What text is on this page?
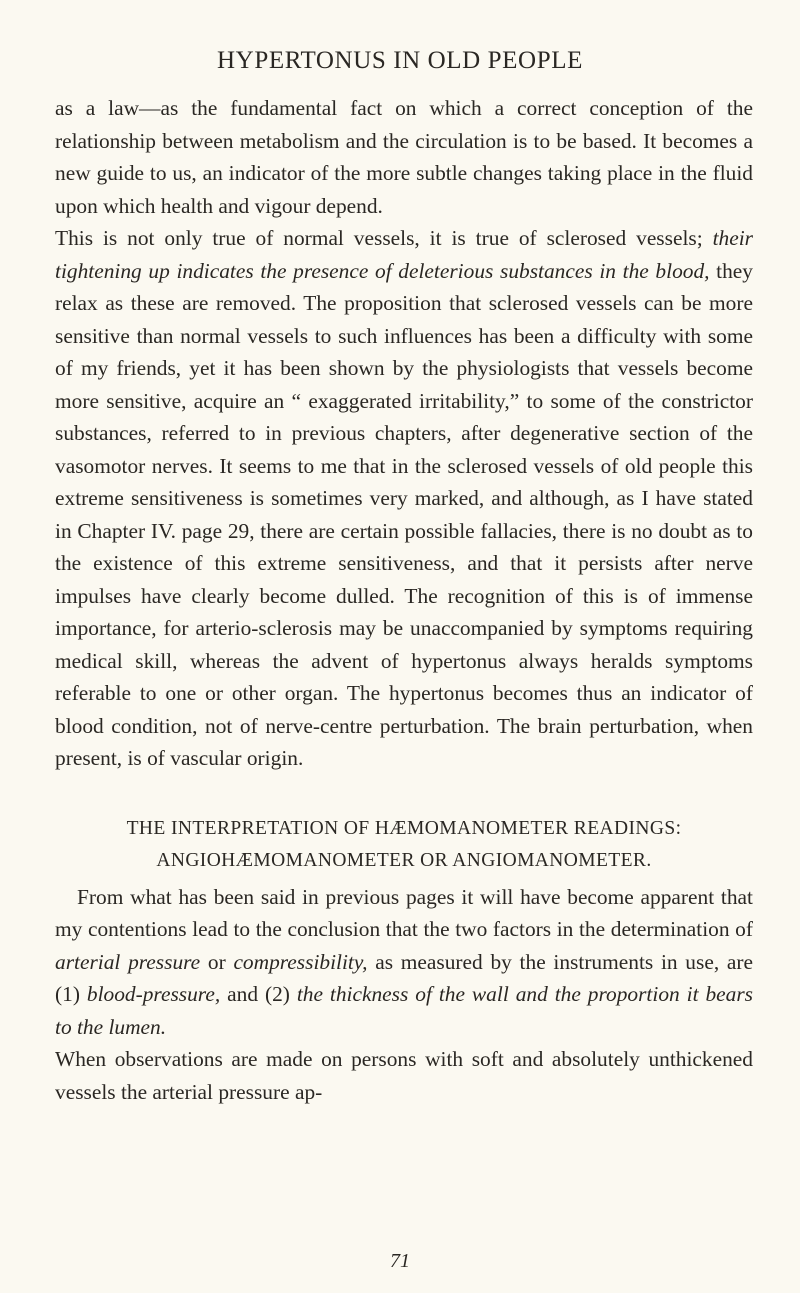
HYPERTONUS IN OLD PEOPLE

as a law—as the fundamental fact on which a correct conception of the relationship between metabolism and the circulation is to be based. It becomes a new guide to us, an indicator of the more subtle changes taking place in the fluid upon which health and vigour depend.

This is not only true of normal vessels, it is true of sclerosed vessels; their tightening up indicates the presence of deleterious substances in the blood, they relax as these are removed. The proposition that sclerosed vessels can be more sensitive than normal vessels to such influences has been a difficulty with some of my friends, yet it has been shown by the physiologists that vessels become more sensitive, acquire an “ exaggerated irritability,” to some of the constrictor substances, referred to in previous chapters, after degenerative section of the vasomotor nerves. It seems to me that in the sclerosed vessels of old people this extreme sensitiveness is sometimes very marked, and although, as I have stated in Chapter IV. page 29, there are certain possible fallacies, there is no doubt as to the existence of this extreme sensitiveness, and that it persists after nerve impulses have clearly become dulled. The recognition of this is of immense importance, for arterio-sclerosis may be unaccompanied by symptoms requiring medical skill, whereas the advent of hypertonus always heralds symptoms referable to one or other organ. The hypertonus becomes thus an indicator of blood condition, not of nerve-centre perturbation. The brain perturbation, when present, is of vascular origin.

THE INTERPRETATION OF HÆMOMANOMETER READINGS:
ANGIOHÆMOMANOMETER OR ANGIOMANOMETER.

From what has been said in previous pages it will have become apparent that my contentions lead to the conclusion that the two factors in the determination of arterial pressure or compressibility, as measured by the instruments in use, are (1) blood-pressure, and (2) the thickness of the wall and the proportion it bears to the lumen.

When observations are made on persons with soft and absolutely unthickened vessels the arterial pressure ap-

71
